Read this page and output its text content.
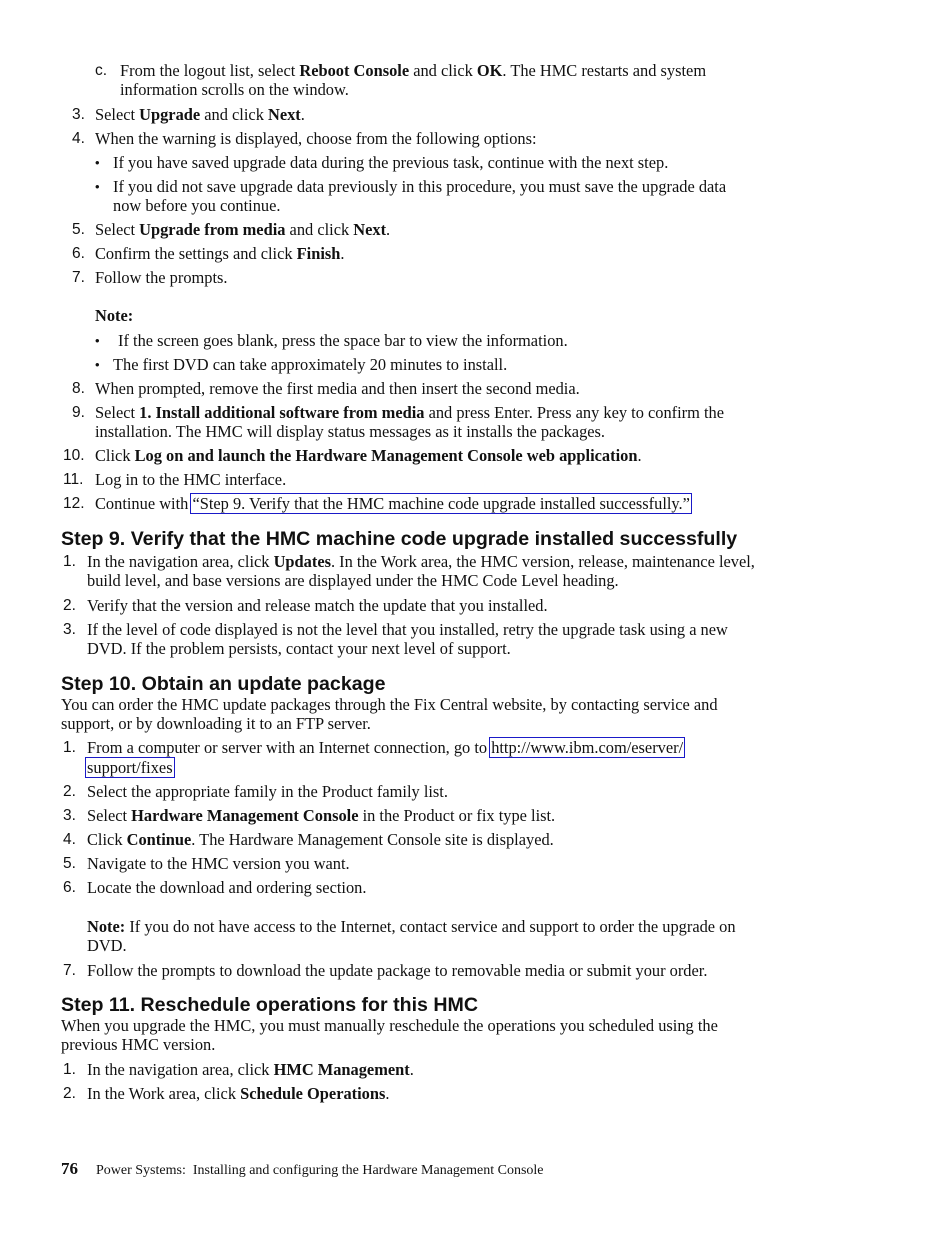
c. From the logout list, select Reboot Console and click OK. The HMC restarts and system
information scrolls on the window.
3. Select Upgrade and click Next.
4. When the warning is displayed, choose from the following options:
• If you have saved upgrade data during the previous task, continue with the next step.
• If you did not save upgrade data previously in this procedure, you must save the upgrade data
now before you continue.
5. Select Upgrade from media and click Next.
6. Confirm the settings and click Finish.
7. Follow the prompts.
Note:
• If the screen goes blank, press the space bar to view the information.
• The first DVD can take approximately 20 minutes to install.
8. When prompted, remove the first media and then insert the second media.
9. Select 1. Install additional software from media and press Enter. Press any key to confirm the
installation. The HMC will display status messages as it installs the packages.
10. Click Log on and launch the Hardware Management Console web application.
11. Log in to the HMC interface.
12. Continue with “Step 9. Verify that the HMC machine code upgrade installed successfully.”
Step 9. Verify that the HMC machine code upgrade installed successfully
1. In the navigation area, click Updates. In the Work area, the HMC version, release, maintenance level,
build level, and base versions are displayed under the HMC Code Level heading.
2. Verify that the version and release match the update that you installed.
3. If the level of code displayed is not the level that you installed, retry the upgrade task using a new
DVD. If the problem persists, contact your next level of support.
Step 10. Obtain an update package
You can order the HMC update packages through the Fix Central website, by contacting service and
support, or by downloading it to an FTP server.
1. From a computer or server with an Internet connection, go to http://www.ibm.com/eserver/
support/fixes
2. Select the appropriate family in the Product family list.
3. Select Hardware Management Console in the Product or fix type list.
4. Click Continue. The Hardware Management Console site is displayed.
5. Navigate to the HMC version you want.
6. Locate the download and ordering section.
Note: If you do not have access to the Internet, contact service and support to order the upgrade on
DVD.
7. Follow the prompts to download the update package to removable media or submit your order.
Step 11. Reschedule operations for this HMC
When you upgrade the HMC, you must manually reschedule the operations you scheduled using the
previous HMC version.
1. In the navigation area, click HMC Management.
2. In the Work area, click Schedule Operations.
76 Power Systems:  Installing and configuring the Hardware Management Console
